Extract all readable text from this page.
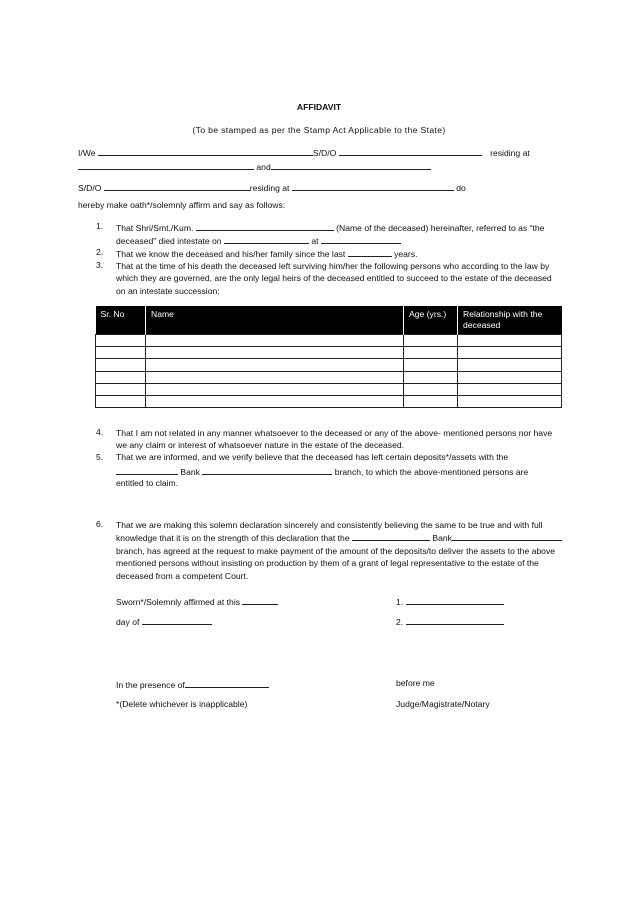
AFFIDAVIT
(To be stamped as per the Stamp Act Applicable to the State)
I/We	S/D/O	residing at
and
S/D/O	residing at	do
hereby make oath*/solemnly affirm and say as follows:
1. That Shri/Smt./Kum.	(Name of the deceased) hereinafter, referred to as “the
deceased” died intestate on	at
2. That we know the deceased and his/her family since the last	years.
3. That at the time of his death the deceased left surviving him/her the following persons who according to the law by which they are governed, are the only legal heirs of the deceased entitled to succeed to the estate of the deceased on an intestate succession:
Sr. No	Name	Age (yrs.)	Relationship with the deceased

4. That I am not related in any manner whatsoever to the deceased or any of the above- mentioned persons nor have we any claim or interest of whatsoever nature in the estate of the deceased.
5. That we are informed, and we verify believe that the deceased has left certain deposits*/assets with the
Bank	branch, to which the above-mentioned persons are
entitled to claim.
6. That we are making this solemn declaration sincerely and consistently believing the same to be true and with full knowledge that it is on the strength of this declaration that the	Bank branch, has agreed at the request to make payment of the amount of the deposits/to deliver the assets to the above mentioned persons without insisting on production by them of a grant of legal representative to the estate of the deceased from a competent Court.
Sworn*/Solemnly affirmed at this	1.
day of	2.
In the presence of	before me
*(Delete whichever is inapplicable)	Judge/Magistrate/Notary
